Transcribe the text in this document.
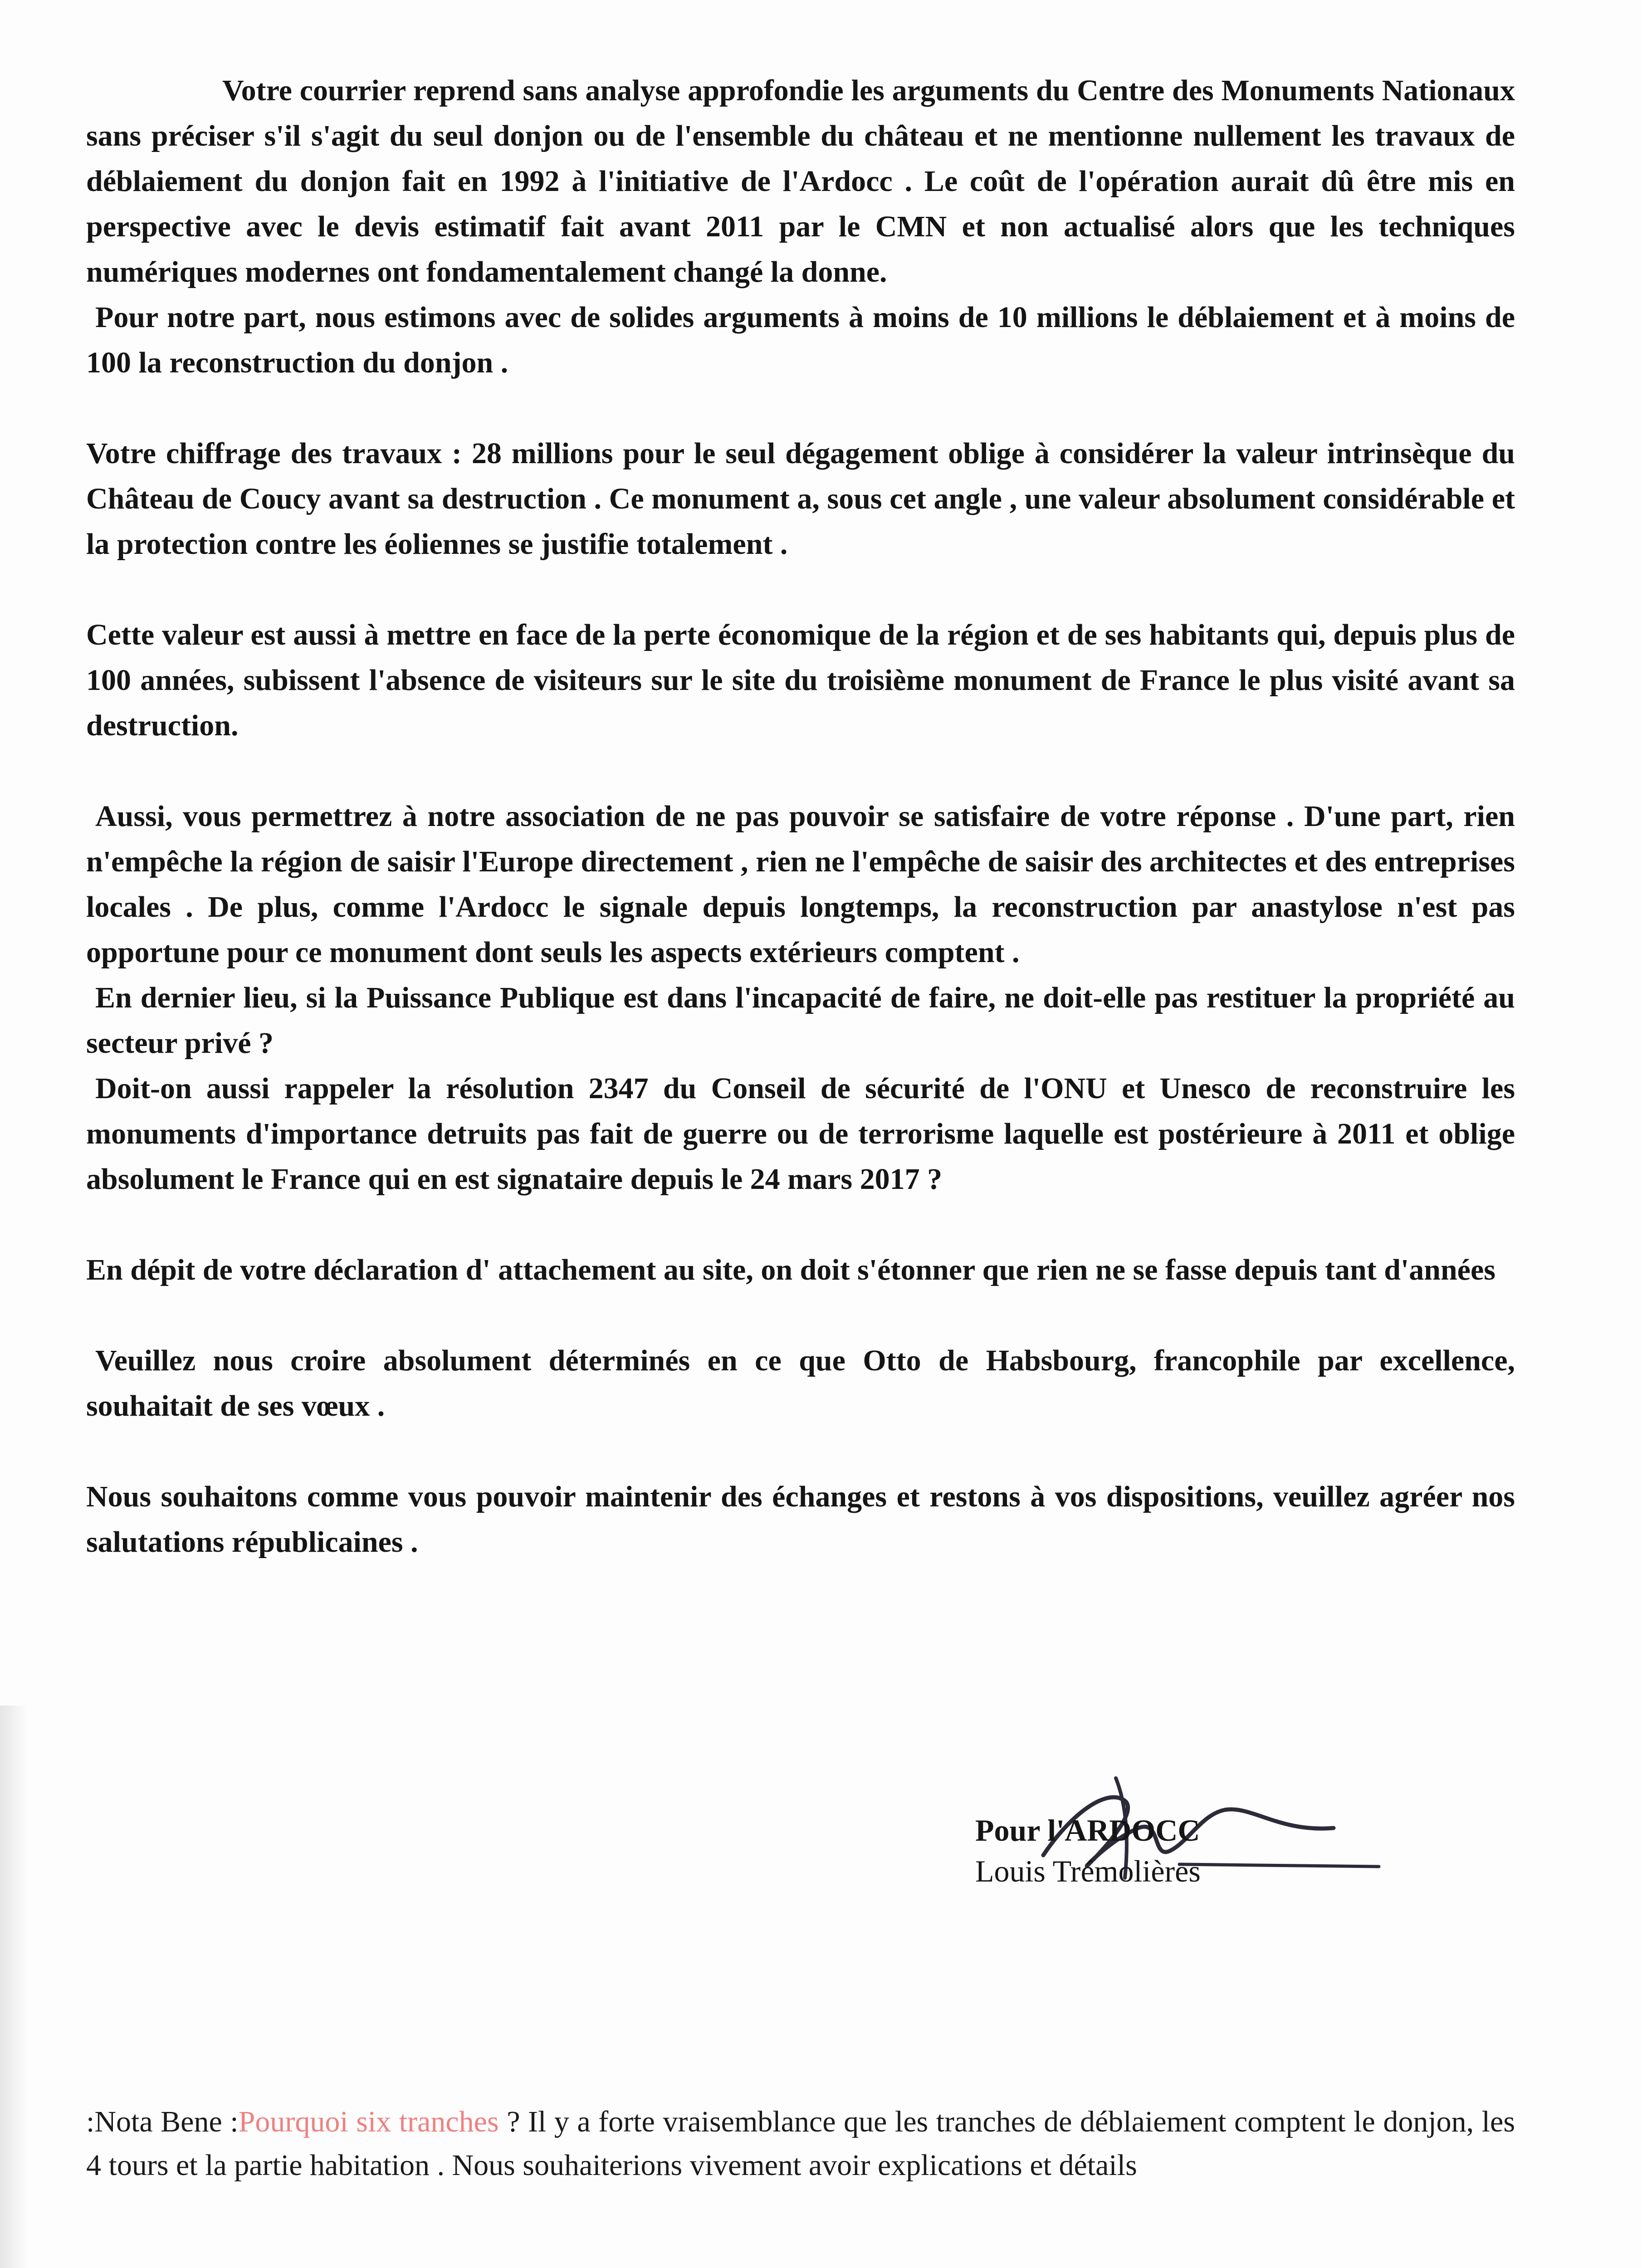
Votre courrier reprend sans analyse approfondie les arguments du Centre des Monuments Nationaux sans préciser s'il s'agit du seul donjon ou de l'ensemble du château et ne mentionne nullement les travaux de déblaiement du donjon fait en 1992 à l'initiative de l'Ardocc . Le coût de l'opération aurait dû être mis en perspective avec le devis estimatif fait avant 2011 par le CMN et non actualisé alors que les techniques numériques modernes ont fondamentalement changé la donne.

Pour notre part, nous estimons avec de solides arguments à moins de 10 millions le déblaiement et à moins de 100 la reconstruction du donjon .

Votre chiffrage des travaux : 28 millions pour le seul dégagement oblige à considérer la valeur intrinsèque du Château de Coucy avant sa destruction . Ce monument a, sous cet angle , une valeur absolument considérable et la protection contre les éoliennes se justifie totalement .

Cette valeur est aussi à mettre en face de la perte économique de la région et de ses habitants qui, depuis plus de 100 années, subissent l'absence de visiteurs sur le site du troisième monument de France le plus visité avant sa destruction.

Aussi, vous permettrez à notre association de ne pas pouvoir se satisfaire de votre réponse . D'une part, rien n'empêche la région de saisir l'Europe directement , rien ne l'empêche de saisir des architectes et des entreprises locales . De plus, comme l'Ardocc le signale depuis longtemps, la reconstruction par anastylose n'est pas opportune pour ce monument dont seuls les aspects extérieurs comptent .

En dernier lieu, si la Puissance Publique est dans l'incapacité de faire, ne doit-elle pas restituer la propriété au secteur privé ?

Doit-on aussi rappeler la résolution 2347 du Conseil de sécurité de l'ONU et Unesco de reconstruire les monuments d'importance detruits pas fait de guerre ou de terrorisme laquelle est postérieure à 2011 et oblige absolument le France qui en est signataire depuis le 24 mars 2017 ?

En dépit de votre déclaration d' attachement au site, on doit s'étonner que rien ne se fasse depuis tant d'années

Veuillez nous croire absolument déterminés en ce que Otto de Habsbourg, francophile par excellence, souhaitait de ses vœux .

Nous souhaitons comme vous pouvoir maintenir des échanges et restons à vos dispositions, veuillez agréer nos salutations républicaines .

Pour l'ARDOCC
Louis Trémolières
:Nota Bene :Pourquoi six tranches ? Il y a forte vraisemblance que les tranches de déblaiement comptent le donjon, les 4 tours et la partie habitation . Nous souhaiterions vivement avoir explications et détails
